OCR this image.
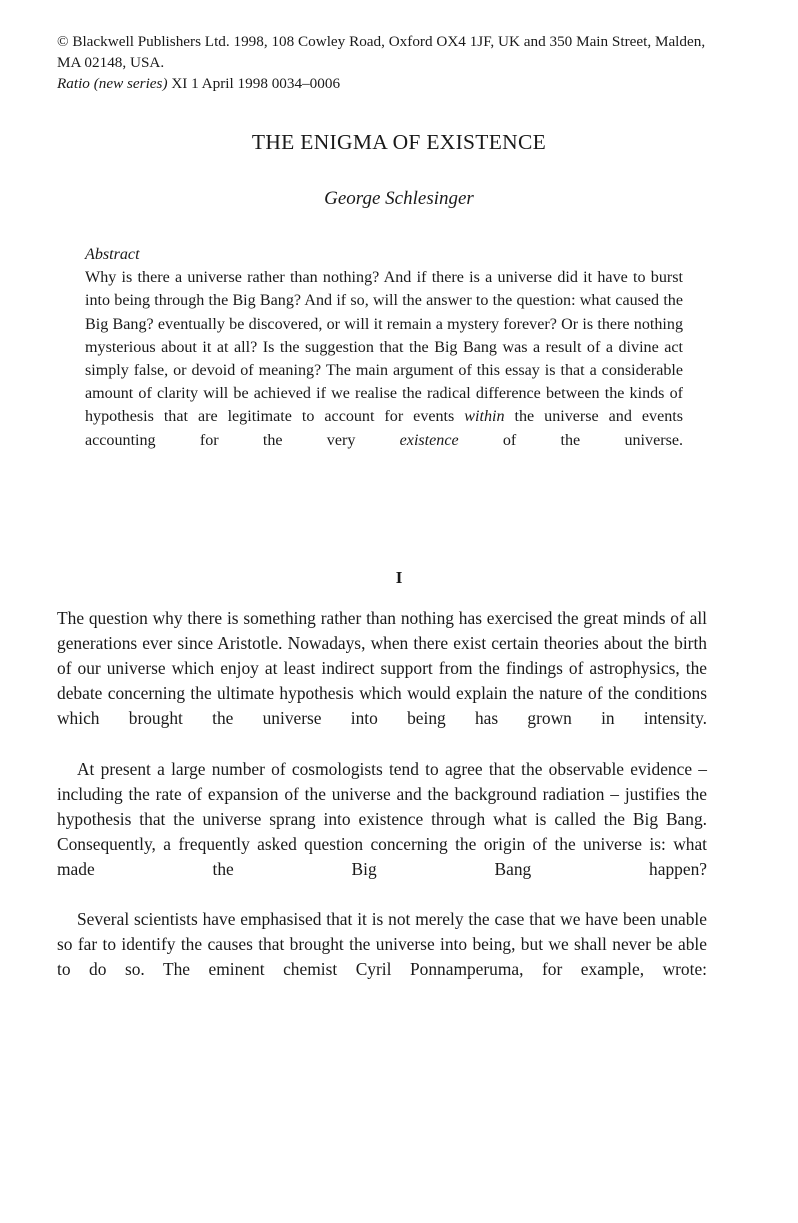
© Blackwell Publishers Ltd. 1998, 108 Cowley Road, Oxford OX4 1JF, UK and 350 Main Street, Malden, MA 02148, USA.
Ratio (new series) XI 1 April 1998 0034–0006
THE ENIGMA OF EXISTENCE
George Schlesinger
Abstract
Why is there a universe rather than nothing? And if there is a universe did it have to burst into being through the Big Bang? And if so, will the answer to the question: what caused the Big Bang? eventually be discovered, or will it remain a mystery forever? Or is there nothing mysterious about it at all? Is the suggestion that the Big Bang was a result of a divine act simply false, or devoid of meaning? The main argument of this essay is that a considerable amount of clarity will be achieved if we realise the radical difference between the kinds of hypothesis that are legitimate to account for events within the universe and events accounting for the very existence of the universe.
I

The question why there is something rather than nothing has exercised the great minds of all generations ever since Aristotle. Nowadays, when there exist certain theories about the birth of our universe which enjoy at least indirect support from the findings of astrophysics, the debate concerning the ultimate hypothesis which would explain the nature of the conditions which brought the universe into being has grown in intensity.

At present a large number of cosmologists tend to agree that the observable evidence – including the rate of expansion of the universe and the background radiation – justifies the hypothesis that the universe sprang into existence through what is called the Big Bang. Consequently, a frequently asked question concerning the origin of the universe is: what made the Big Bang happen?

Several scientists have emphasised that it is not merely the case that we have been unable so far to identify the causes that brought the universe into being, but we shall never be able to do so. The eminent chemist Cyril Ponnamperuma, for example, wrote:
